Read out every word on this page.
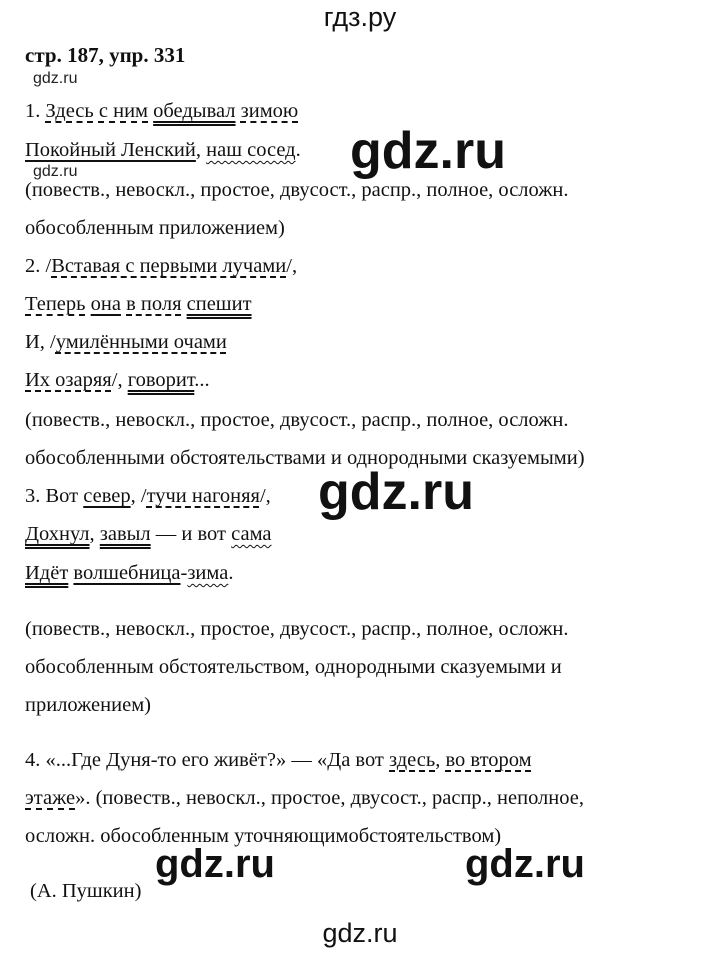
гдз.ру
стр. 187, упр. 331
gdz.ru
gdz.ru	gdz.ru
gdz.ru
gdz.ru	gdz.ru
gdz.ru
1. Здесь с ним обедывал зимою
Покойный Ленский, наш сосед.
(повеств., невоскл., простое, двусост., распр., полное, осложн.
обособленным приложением)
2. /Вставая с первыми лучами/,
Теперь она в поля спешит
И, /умилёнными очами
Их озаряя/, говорит...
(повеств., невоскл., простое, двусост., распр., полное, осложн.
обособленными обстоятельствами и однородными сказуемыми)
3. Вот север, /тучи нагоняя/,
Дохнул, завыл — и вот сама
Идёт волшебница-зима.
(повеств., невоскл., простое, двусост., распр., полное, осложн.
обособленным обстоятельством, однородными сказуемыми и
приложением)
4. «...Где Дуня-то его живёт?» — «Да вот здесь, во втором
этаже». (повеств., невоскл., простое, двусост., распр., неполное,
осложн. обособленным уточняющимобстоятельством)
(А. Пушкин)
